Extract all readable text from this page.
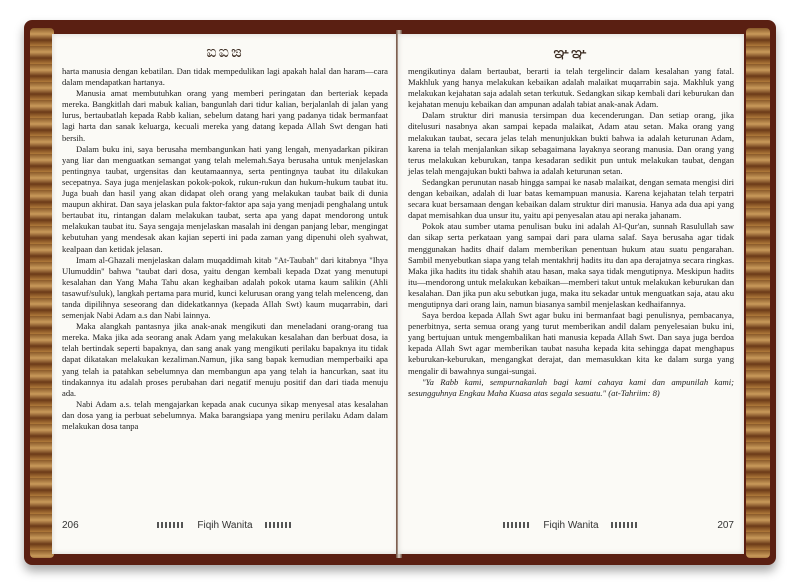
ಐಐಙ

harta manusia dengan kebatilan. Dan tidak mempedulikan lagi apakah halal dan haram—cara dalam mendapatkan hartanya.

Manusia amat membutuhkan orang yang memberi peringatan dan berteriak kepada mereka. Bangkitlah dari mabuk kalian, bangunlah dari tidur kalian, berjalanlah di jalan yang lurus, bertaubatlah kepada Rabb kalian, sebelum datang hari yang padanya tidak bermanfaat lagi harta dan sanak keluarga, kecuali mereka yang datang kepada Allah Swt dengan hati bersih.

Dalam buku ini, saya berusaha membangunkan hati yang lengah, menyadarkan pikiran yang liar dan menguatkan semangat yang telah melemah.Saya berusaha untuk menjelaskan pentingnya taubat, urgensitas dan keutamaannya, serta pentingnya taubat itu dilakukan secepatnya. Saya juga menjelaskan pokok-pokok, rukun-rukun dan hukum-hukum taubat itu. Juga buah dan hasil yang akan didapat oleh orang yang melakukan taubat baik di dunia maupun akhirat. Dan saya jelaskan pula faktor-faktor apa saja yang menjadi penghalang untuk bertaubat itu, rintangan dalam melakukan taubat, serta apa yang dapat mendorong untuk melakukan taubat itu. Saya sengaja menjelaskan masalah ini dengan panjang lebar, mengingat kebutuhan yang mendesak akan kajian seperti ini pada zaman yang dipenuhi oleh syahwat, kealpaan dan ketidak jelasan.

Imam al-Ghazali menjelaskan dalam muqaddimah kitab "At-Taubah" dari kitabnya "Ihya Ulumuddin" bahwa "taubat dari dosa, yaitu dengan kembali kepada Dzat yang menutupi kesalahan dan Yang Maha Tahu akan keghaiban adalah pokok utama kaum salikin (Ahli tasawuf/suluk), langkah pertama para murid, kunci kelurusan orang yang telah melenceng, dan tanda dipilihnya seseorang dan didekatkannya (kepada Allah Swt) kaum muqarrabin, dari semenjak Nabi Adam a.s dan Nabi lainnya.

Maka alangkah pantasnya jika anak-anak mengikuti dan meneladani orang-orang tua mereka. Maka jika ada seorang anak Adam yang melakukan kesalahan dan berbuat dosa, ia telah bertindak seperti bapaknya, dan sang anak yang mengikuti perilaku bapaknya itu tidak dapat dikatakan melakukan kezaliman.Namun, jika sang bapak kemudian memperbaiki apa yang telah ia patahkan sebelumnya dan membangun apa yang telah ia hancurkan, saat itu tindakannya itu adalah proses perubahan dari negatif menuju positif dan dari tiada menuju ada.

Nabi Adam a.s. telah mengajarkan kepada anak cucunya sikap menyesal atas kesalahan dan dosa yang ia perbuat sebelumnya. Maka barangsiapa yang meniru perilaku Adam dalam melakukan dosa tanpa

206	Fiqih Wanita
ఞఞ

mengikutinya dalam bertaubat, berarti ia telah tergelincir dalam kesalahan yang fatal. Makhluk yang hanya melakukan kebaikan adalah malaikat muqarrabin saja. Makhluk yang melakukan kejahatan saja adalah setan terkutuk. Sedangkan sikap kembali dari keburukan dan kejahatan menuju kebaikan dan ampunan adalah tabiat anak-anak Adam.

Dalam struktur diri manusia tersimpan dua kecenderungan. Dan setiap orang, jika ditelusuri nasabnya akan sampai kepada malaikat, Adam atau setan. Maka orang yang melakukan taubat, secara jelas telah menunjukkan bukti bahwa ia adalah keturunan Adam, karena ia telah menjalankan sikap sebagaimana layaknya seorang manusia. Dan orang yang terus melakukan keburukan, tanpa kesadaran sedikit pun untuk melakukan taubat, dengan jelas telah mengajukan bukti bahwa ia adalah keturunan setan.

Sedangkan perunutan nasab hingga sampai ke nasab malaikat, dengan semata mengisi diri dengan kebaikan, adalah di luar batas kemampuan manusia. Karena kejahatan telah terpatri secara kuat bersamaan dengan kebaikan dalam struktur diri manusia. Hanya ada dua api yang dapat memisahkan dua unsur itu, yaitu api penyesalan atau api neraka jahanam.

Pokok atau sumber utama penulisan buku ini adalah Al-Qur'an, sunnah Rasulullah saw dan sikap serta perkataan yang sampai dari para ulama salaf. Saya berusaha agar tidak menggunakan hadits dhaif dalam memberikan penentuan hukum atau suatu pengarahan. Sambil menyebutkan siapa yang telah mentakhrij hadits itu dan apa derajatnya secara ringkas. Maka jika hadits itu tidak shahih atau hasan, maka saya tidak mengutipnya. Meskipun hadits itu—mendorong untuk melakukan kebaikan—memberi takut untuk melakukan keburukan dan kesalahan. Dan jika pun aku sebutkan juga, maka itu sekadar untuk menguatkan saja, atau aku mengutipnya dari orang lain, namun biasanya sambil menjelaskan kedhaifannya.

Saya berdoa kepada Allah Swt agar buku ini bermanfaat bagi penulisnya, pembacanya, penerbitnya, serta semua orang yang turut memberikan andil dalam penyelesaian buku ini, yang bertujuan untuk mengembalikan hati manusia kepada Allah Swt. Dan saya juga berdoa kepada Allah Swt agar memberikan taubat nasuha kepada kita sehingga dapat menghapus keburukan-keburukan, mengangkat derajat, dan memasukkan kita ke dalam surga yang mengalir di bawahnya sungai-sungai.

"Ya Rabb kami, sempurnakanlah bagi kami cahaya kami dan ampunilah kami; sesungguhnya Engkau Maha Kuasa atas segala sesuatu." (at-Tahriim: 8)

Fiqih Wanita	207
